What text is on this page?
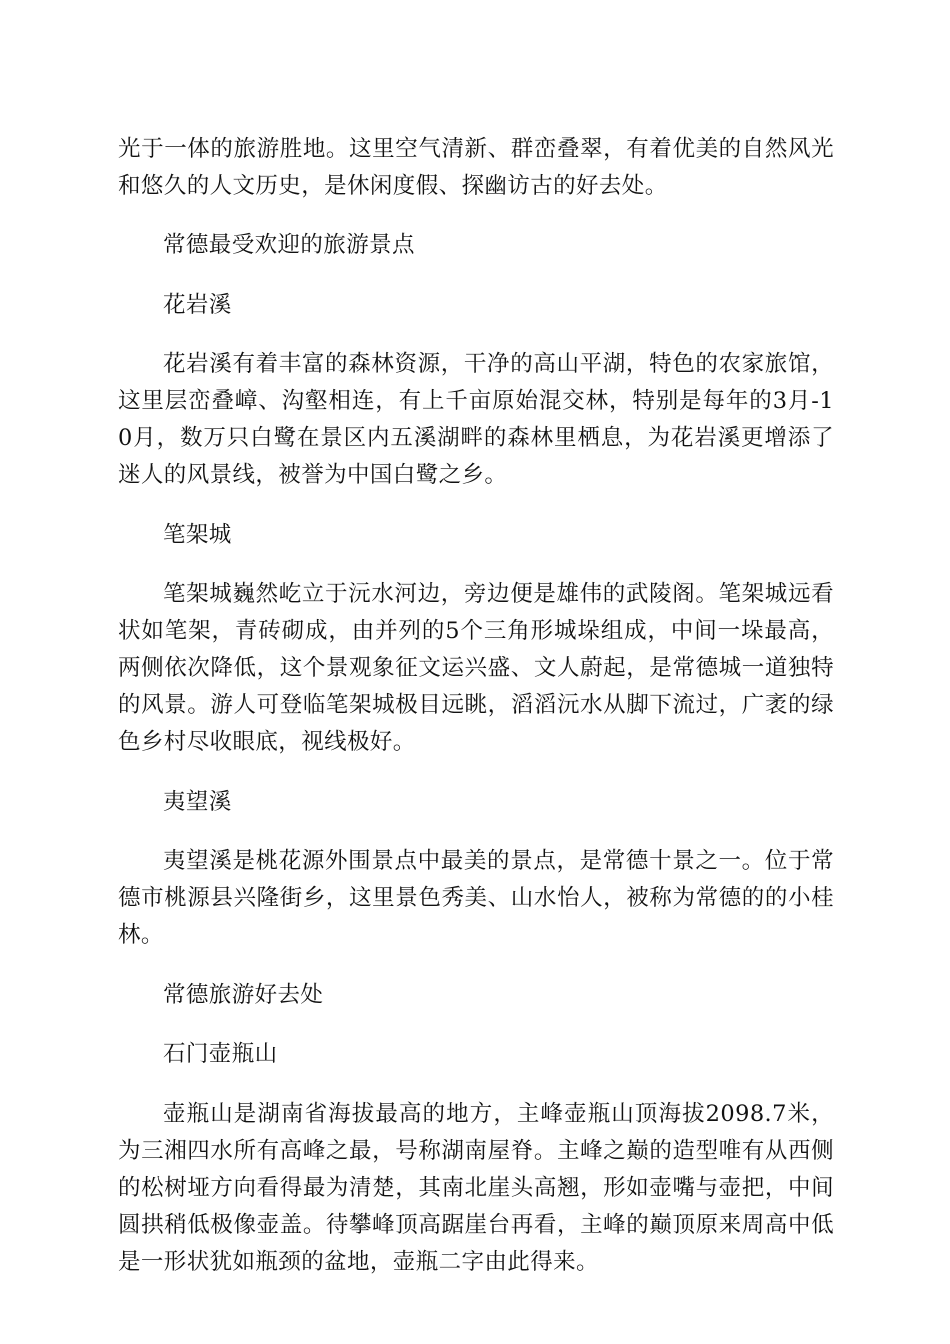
光于一体的旅游胜地。这里空气清新、群峦叠翠，有着优美的自然风光和悠久的人文历史，是休闲度假、探幽访古的好去处。

常德最受欢迎的旅游景点

花岩溪

花岩溪有着丰富的森林资源，干净的高山平湖，特色的农家旅馆，这里层峦叠嶂、沟壑相连，有上千亩原始混交林，特别是每年的3月-10月，数万只白鹭在景区内五溪湖畔的森林里栖息，为花岩溪更增添了迷人的风景线，被誉为中国白鹭之乡。

笔架城

笔架城巍然屹立于沅水河边，旁边便是雄伟的武陵阁。笔架城远看状如笔架，青砖砌成，由并列的5个三角形城垛组成，中间一垛最高，两侧依次降低，这个景观象征文运兴盛、文人蔚起，是常德城一道独特的风景。游人可登临笔架城极目远眺，滔滔沅水从脚下流过，广袤的绿色乡村尽收眼底，视线极好。

夷望溪

夷望溪是桃花源外围景点中最美的景点，是常德十景之一。位于常德市桃源县兴隆街乡，这里景色秀美、山水怡人，被称为常德的的小桂林。

常德旅游好去处

石门壶瓶山

壶瓶山是湖南省海拔最高的地方，主峰壶瓶山顶海拔2098.7米，为三湘四水所有高峰之最，号称湖南屋脊。主峰之巅的造型唯有从西侧的松树垭方向看得最为清楚，其南北崖头高翘，形如壶嘴与壶把，中间圆拱稍低极像壶盖。待攀峰顶高踞崖台再看，主峰的巅顶原来周高中低是一形状犹如瓶颈的盆地，壶瓶二字由此得来。
